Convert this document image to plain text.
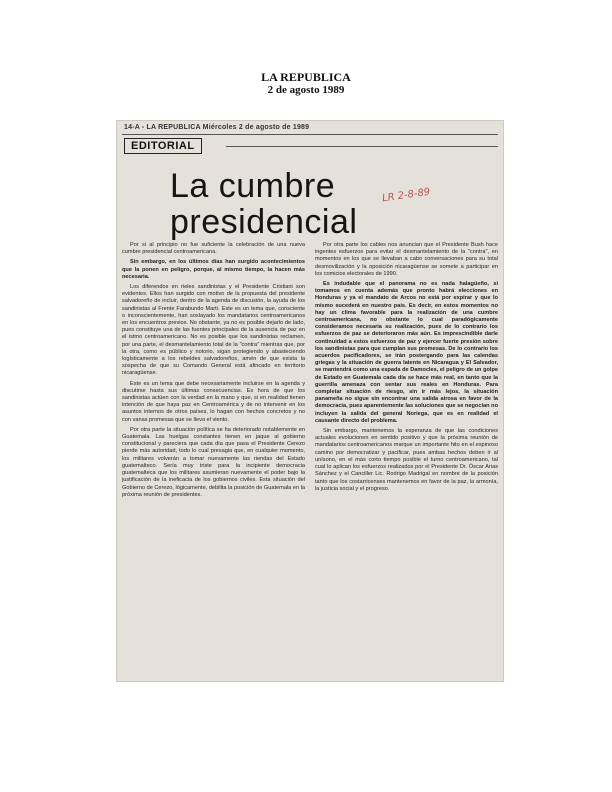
LA REPUBLICA
2 de agosto 1989
14-A - LA REPUBLICA Miércoles 2 de agosto de 1989
EDITORIAL
La cumbre
presidencial
LR 2-8-89

Por si al principio no fue suficiente la celebración de una nueva cumbre presidencial centroamericana.

Sin embargo, en los últimos días han surgido acontecimientos que la ponen en peligro, porque, al mismo tiempo, la hacen más necesaria.

Los diferendos en rieles sandinistas y el Presidente Cristiani son evidentes. Ellos han surgido con motivo de la propuesta del presidente salvadoreño de incluir, dentro de la agenda de discusión, la ayuda de los sandinistas al Frente Farabundo Martí. Este es un tema que, consciente o inconscientemente, han soslayado los mandatarios centroamericanos en los encuentros previos. No obstante, ya no es posible dejarlo de lado, pues constituye una de las fuentes principales de la ausencia de paz en el istmo centroamericano. No es posible que los sandinistas reclamen, por una parte, el desmantelamiento total de la "contra" mientras que, por la otra, como es público y notorio, sigan protegiendo y abasteciendo logísticamente a los rebeldes salvadoreños, amén de que exista la sospecha de que su Comando General está afincado en territorio nicaragüense.

Este es un tema que debe necesariamente incluirse en la agenda y discutirse hasta sus últimas consecuencias. Es hora de que los sandinistas actúen con la verdad en la mano y que, si en realidad tienen intención de que haya paz en Centroamérica y de no intervenir en los asuntos internos de otros países, lo hagan con hechos concretos y no con vanas promesas que se lleva el viento.

Por otra parte la situación política se ha deteriorado notablemente en Guatemala. Las huelgas constantes tienen en jaque al gobierno constitucional y pareciera que cada día que pasa el Presidente Cerezo pierde más autoridad, todo lo cual presagia que, en cualquier momento, los militares volverán a tomar nuevamente las riendas del Estado guatemalteco. Sería muy triste para la incipiente democracia guatemalteca que los militares asumieran nuevamente el poder bajo la justificación de la ineficacia de los gobiernos civiles. Esta situación del Gobierno de Cerezo, lógicamente, debilita la posición de Guatemala en la próxima reunión de presidentes.

Por otra parte los cables nos anuncian que el Presidente Bush hace ingentes esfuerzos para evitar el desmantelamiento de la "contra", en momentos en los que se llevaban a cabo conversaciones para su total desmovilización y la oposición nicaragüense se somete a participar en los comicios electorales de 1990.

Es indudable que el panorama no es nada halagüeño, si tomamos en cuenta además que pronto habrá elecciones en Honduras y ya el mandato de Arcos no está por expirar y que lo mismo sucederá en nuestro país. Es decir, en estos momentos no hay un clima favorable para la realización de una cumbre centroamericana, no obstante lo cual paradógicamente consideramos necesaria su realización, pues de lo contrario los esfuerzos de paz se deterioraron más aún. Es imprescindible darle continuidad a estos esfuerzos de paz y ejercer fuerte presión sobre los sandinistas para que cumplan sus promesas. De lo contrario los acuerdos pacificadores, se irán postergando para las calendas griegas y la situación de guerra latente en Nicaragua y El Salvador, se mantendrá como una espada de Damocles, el peligro de un golpe de Estado en Guatemala cada día se hace más real, en tanto que la guerrilla amenaza con sentar sus reales en Honduras. Para completar situación de riesgo, sin ir más lejos, la situación panameña no sigue sin encontrar una salida airosa en favor de la democracia, pues aparentemente las soluciones que se negocian no incluyen la salida del general Noriega, que es en realidad el causante directo del problema.

Sin embargo, mantenemos la esperanza de que las condiciones actuales evolucionen en sentido positivo y que la próxima reunión de mandatarios centroamericanos marque un importante hito en el espinoso camino por democratizar y pacificar, pues ambas hechos deben ir al unísono, en el más corto tiempo posible el turno centroamericano, tal cual lo aplican los esfuerzos realizados por el Presidente Dr. Óscar Arias Sánchez y el Canciller Lic. Rodrigo Madrigal en nombre de la posición tanto que los costarricenses mantenemos en favor de la paz, la armonía, la justicia social y el progreso.
